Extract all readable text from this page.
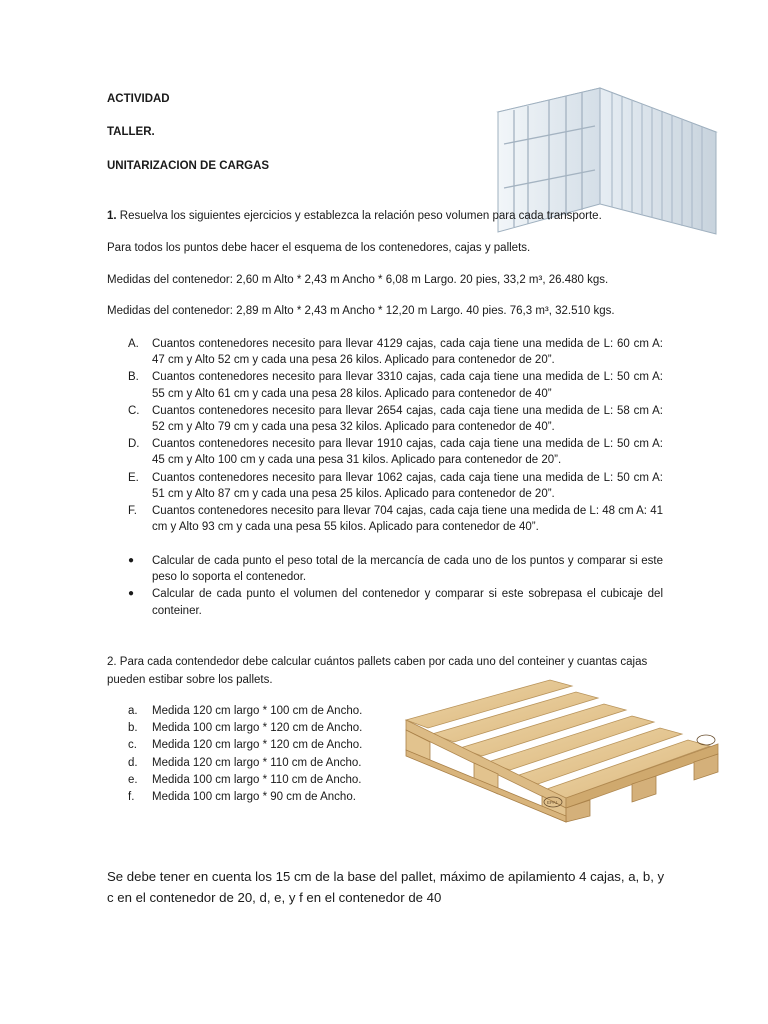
ACTIVIDAD
TALLER.
UNITARIZACION DE CARGAS
1. Resuelva los siguientes ejercicios y establezca la relación peso volumen para cada transporte.
Para todos los puntos debe hacer el esquema de los contenedores, cajas y pallets.
Medidas del contenedor: 2,60 m Alto * 2,43 m Ancho * 6,08 m Largo. 20 pies, 33,2 m³, 26.480 kgs.
Medidas del contenedor: 2,89 m Alto * 2,43 m Ancho * 12,20 m Largo. 40 pies. 76,3 m³, 32.510 kgs.
A.	Cuantos contenedores necesito para llevar 4129 cajas, cada caja tiene una medida de L: 60 cm A: 47 cm y Alto 52 cm y cada una pesa 26 kilos. Aplicado para contenedor de 20”.
B.	Cuantos contenedores necesito para llevar 3310 cajas, cada caja tiene una medida de L: 50 cm A: 55 cm y Alto 61 cm y cada una pesa 28 kilos. Aplicado para contenedor de 40”
C.	Cuantos contenedores necesito para llevar 2654 cajas, cada caja tiene una medida de L: 58 cm A: 52 cm y Alto 79 cm y cada una pesa 32 kilos. Aplicado para contenedor de 40”.
D.	Cuantos contenedores necesito para llevar 1910 cajas, cada caja tiene una medida de L: 50 cm A: 45 cm y Alto 100 cm y cada una pesa 31 kilos. Aplicado para contenedor de 20”.
E.	Cuantos contenedores necesito para llevar 1062 cajas, cada caja tiene una medida de L: 50 cm A: 51 cm y Alto 87 cm y cada una pesa 25 kilos. Aplicado para contenedor de 20”.
F.	Cuantos contenedores necesito para llevar 704 cajas, cada caja tiene una medida de L: 48 cm A: 41 cm y Alto 93 cm y cada una pesa 55 kilos. Aplicado para contenedor de 40”.
●	Calcular de cada punto el peso total de la mercancía de cada uno de los puntos y comparar si este peso lo soporta el contenedor.
●	Calcular de cada punto el volumen del contenedor y comparar si este sobrepasa el cubicaje del conteiner.
2. Para cada contendedor debe calcular cuántos pallets caben por cada uno del conteiner y cuantas cajas pueden estibar sobre los pallets.
a.	Medida 120 cm largo * 100 cm de Ancho.
b.	Medida 100 cm largo * 120 cm de Ancho.
c.	Medida 120 cm largo * 120 cm de Ancho.
d.	Medida 120 cm largo * 110 cm de Ancho.
e.	Medida 100 cm largo * 110 cm de Ancho.
f.	Medida 100 cm largo * 90 cm de Ancho.	EPAL
Se debe tener en cuenta los 15 cm de la base del pallet, máximo de apilamiento 4 cajas, a, b, y c en el contenedor de 20, d, e, y f en el contenedor de 40
